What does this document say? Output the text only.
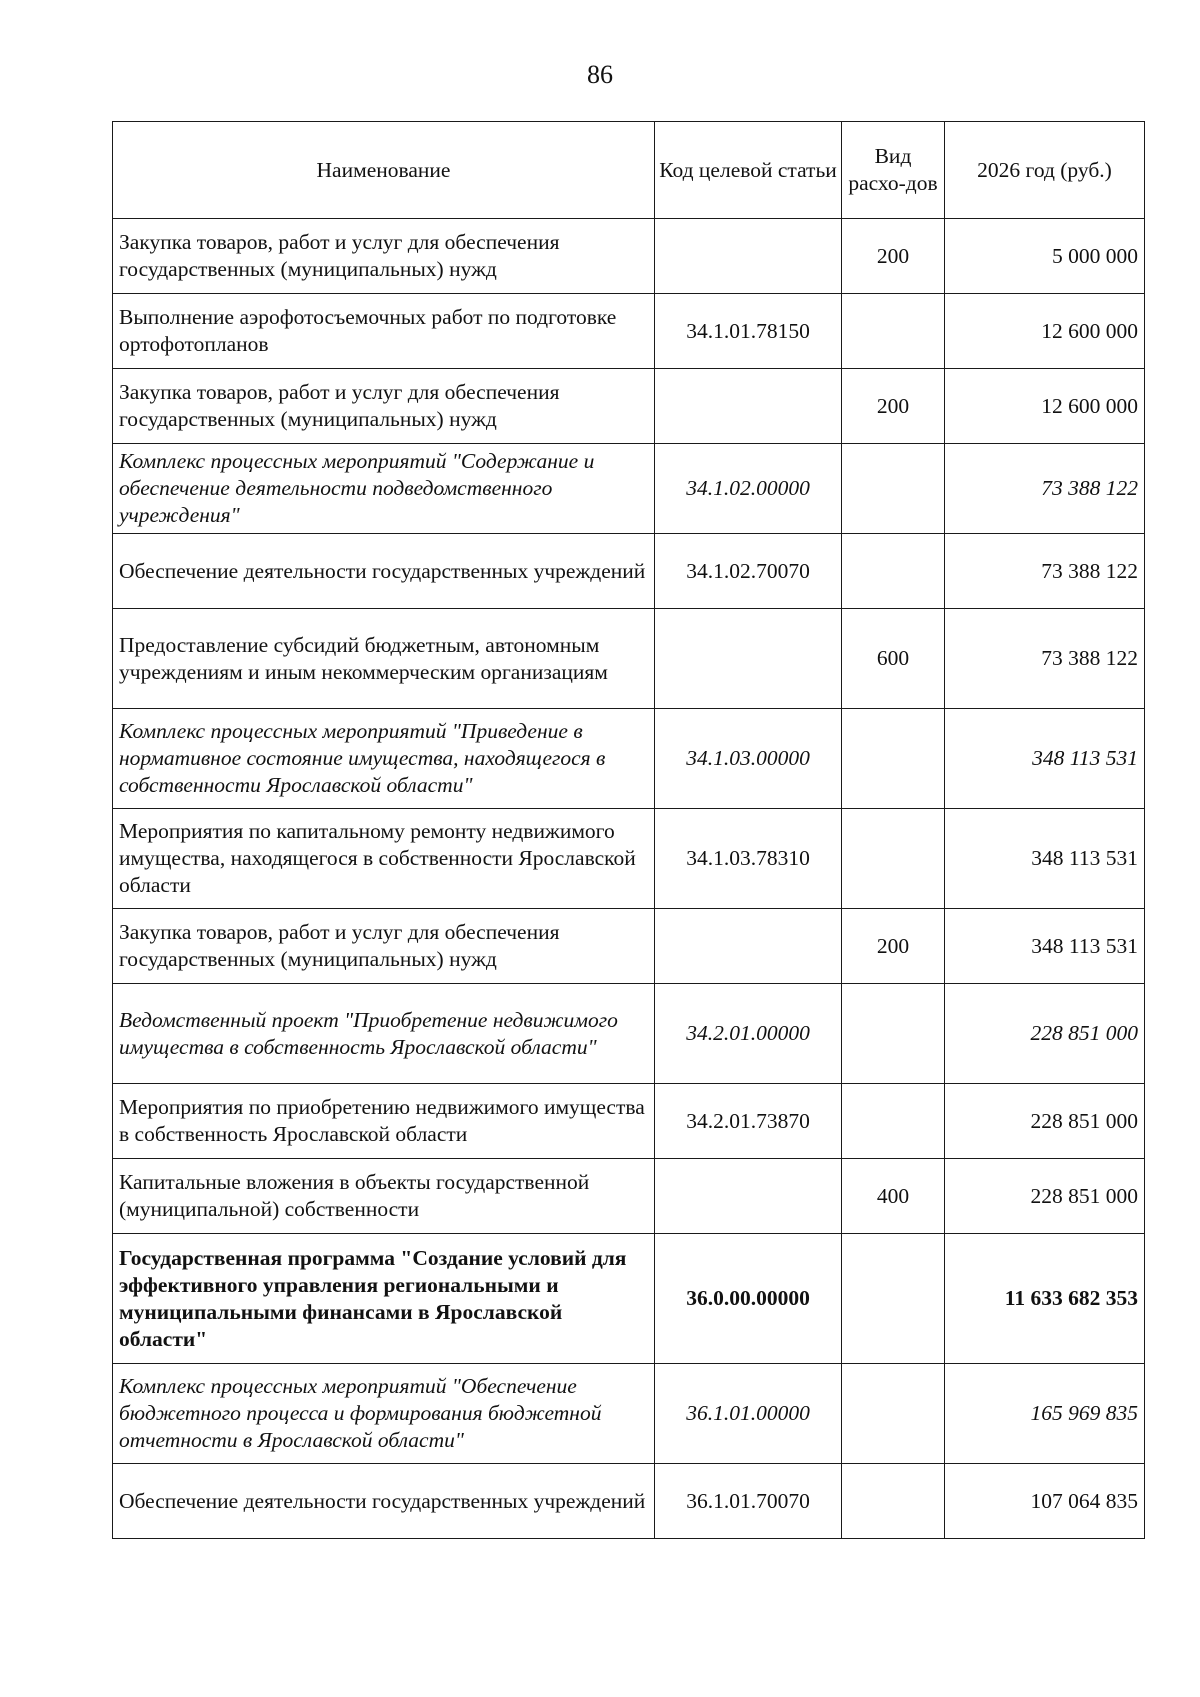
86
Наименование	Код целевой статьи	Вид расхо-дов	2026 год (руб.)
Закупка товаров, работ и услуг для обеспечения государственных (муниципальных) нужд		200	5 000 000
Выполнение аэрофотосъемочных работ по подготовке ортофотопланов	34.1.01.78150		12 600 000
Закупка товаров, работ и услуг для обеспечения государственных (муниципальных) нужд		200	12 600 000
Комплекс процессных мероприятий "Содержание и обеспечение деятельности подведомственного учреждения"	34.1.02.00000		73 388 122
Обеспечение деятельности государственных учреждений	34.1.02.70070		73 388 122
Предоставление субсидий бюджетным, автономным учреждениям и иным некоммерческим организациям		600	73 388 122
Комплекс процессных мероприятий "Приведение в нормативное состояние имущества, находящегося в собственности Ярославской области"	34.1.03.00000		348 113 531
Мероприятия по капитальному ремонту недвижимого имущества, находящегося в собственности Ярославской области	34.1.03.78310		348 113 531
Закупка товаров, работ и услуг для обеспечения государственных (муниципальных) нужд		200	348 113 531
Ведомственный проект "Приобретение недвижимого имущества в собственность Ярославской области"	34.2.01.00000		228 851 000
Мероприятия по приобретению недвижимого имущества в собственность Ярославской области	34.2.01.73870		228 851 000
Капитальные вложения в объекты государственной (муниципальной) собственности		400	228 851 000
Государственная программа "Создание условий для эффективного управления региональными и муниципальными финансами в Ярославской области"	36.0.00.00000		11 633 682 353
Комплекс процессных мероприятий "Обеспечение бюджетного процесса и формирования бюджетной отчетности в Ярославской области"	36.1.01.00000		165 969 835
Обеспечение деятельности государственных учреждений	36.1.01.70070		107 064 835
